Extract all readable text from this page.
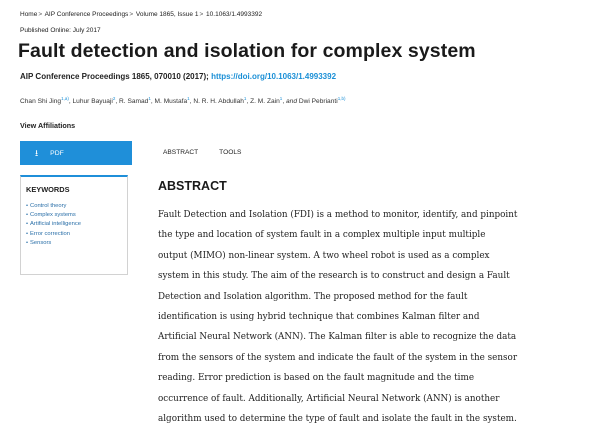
Home> AIP Conference Proceedings> Volume 1865, Issue 1> 10.1063/1.4993392
Published Online: July 2017
Fault detection and isolation for complex system
AIP Conference Proceedings 1865, 070010 (2017); https://doi.org/10.1063/1.4993392
Chan Shi Jing$^{1,a)}$, Luhur Bayuaji$^2$, R. Samad$^1$, M. Mustafa$^1$, N. R. H. Abdullah$^1$, Z. M. Zain$^1$, and Dwi Pebrianti$^{1,b)}$
View Affiliations
⭳ PDF	ABSTRACT	TOOLS
KEYWORDS
• Control theory
• Complex systems
• Artificial intelligence
• Error correction
• Sensors
ABSTRACT
Fault Detection and Isolation (FDI) is a method to monitor, identify, and pinpoint
the type and location of system fault in a complex multiple input multiple
output (MIMO) non-linear system. A two wheel robot is used as a complex
system in this study. The aim of the research is to construct and design a Fault
Detection and Isolation algorithm. The proposed method for the fault
identification is using hybrid technique that combines Kalman filter and
Artificial Neural Network (ANN). The Kalman filter is able to recognize the data
from the sensors of the system and indicate the fault of the system in the sensor
reading. Error prediction is based on the fault magnitude and the time
occurrence of fault. Additionally, Artificial Neural Network (ANN) is another
algorithm used to determine the type of fault and isolate the fault in the system.
